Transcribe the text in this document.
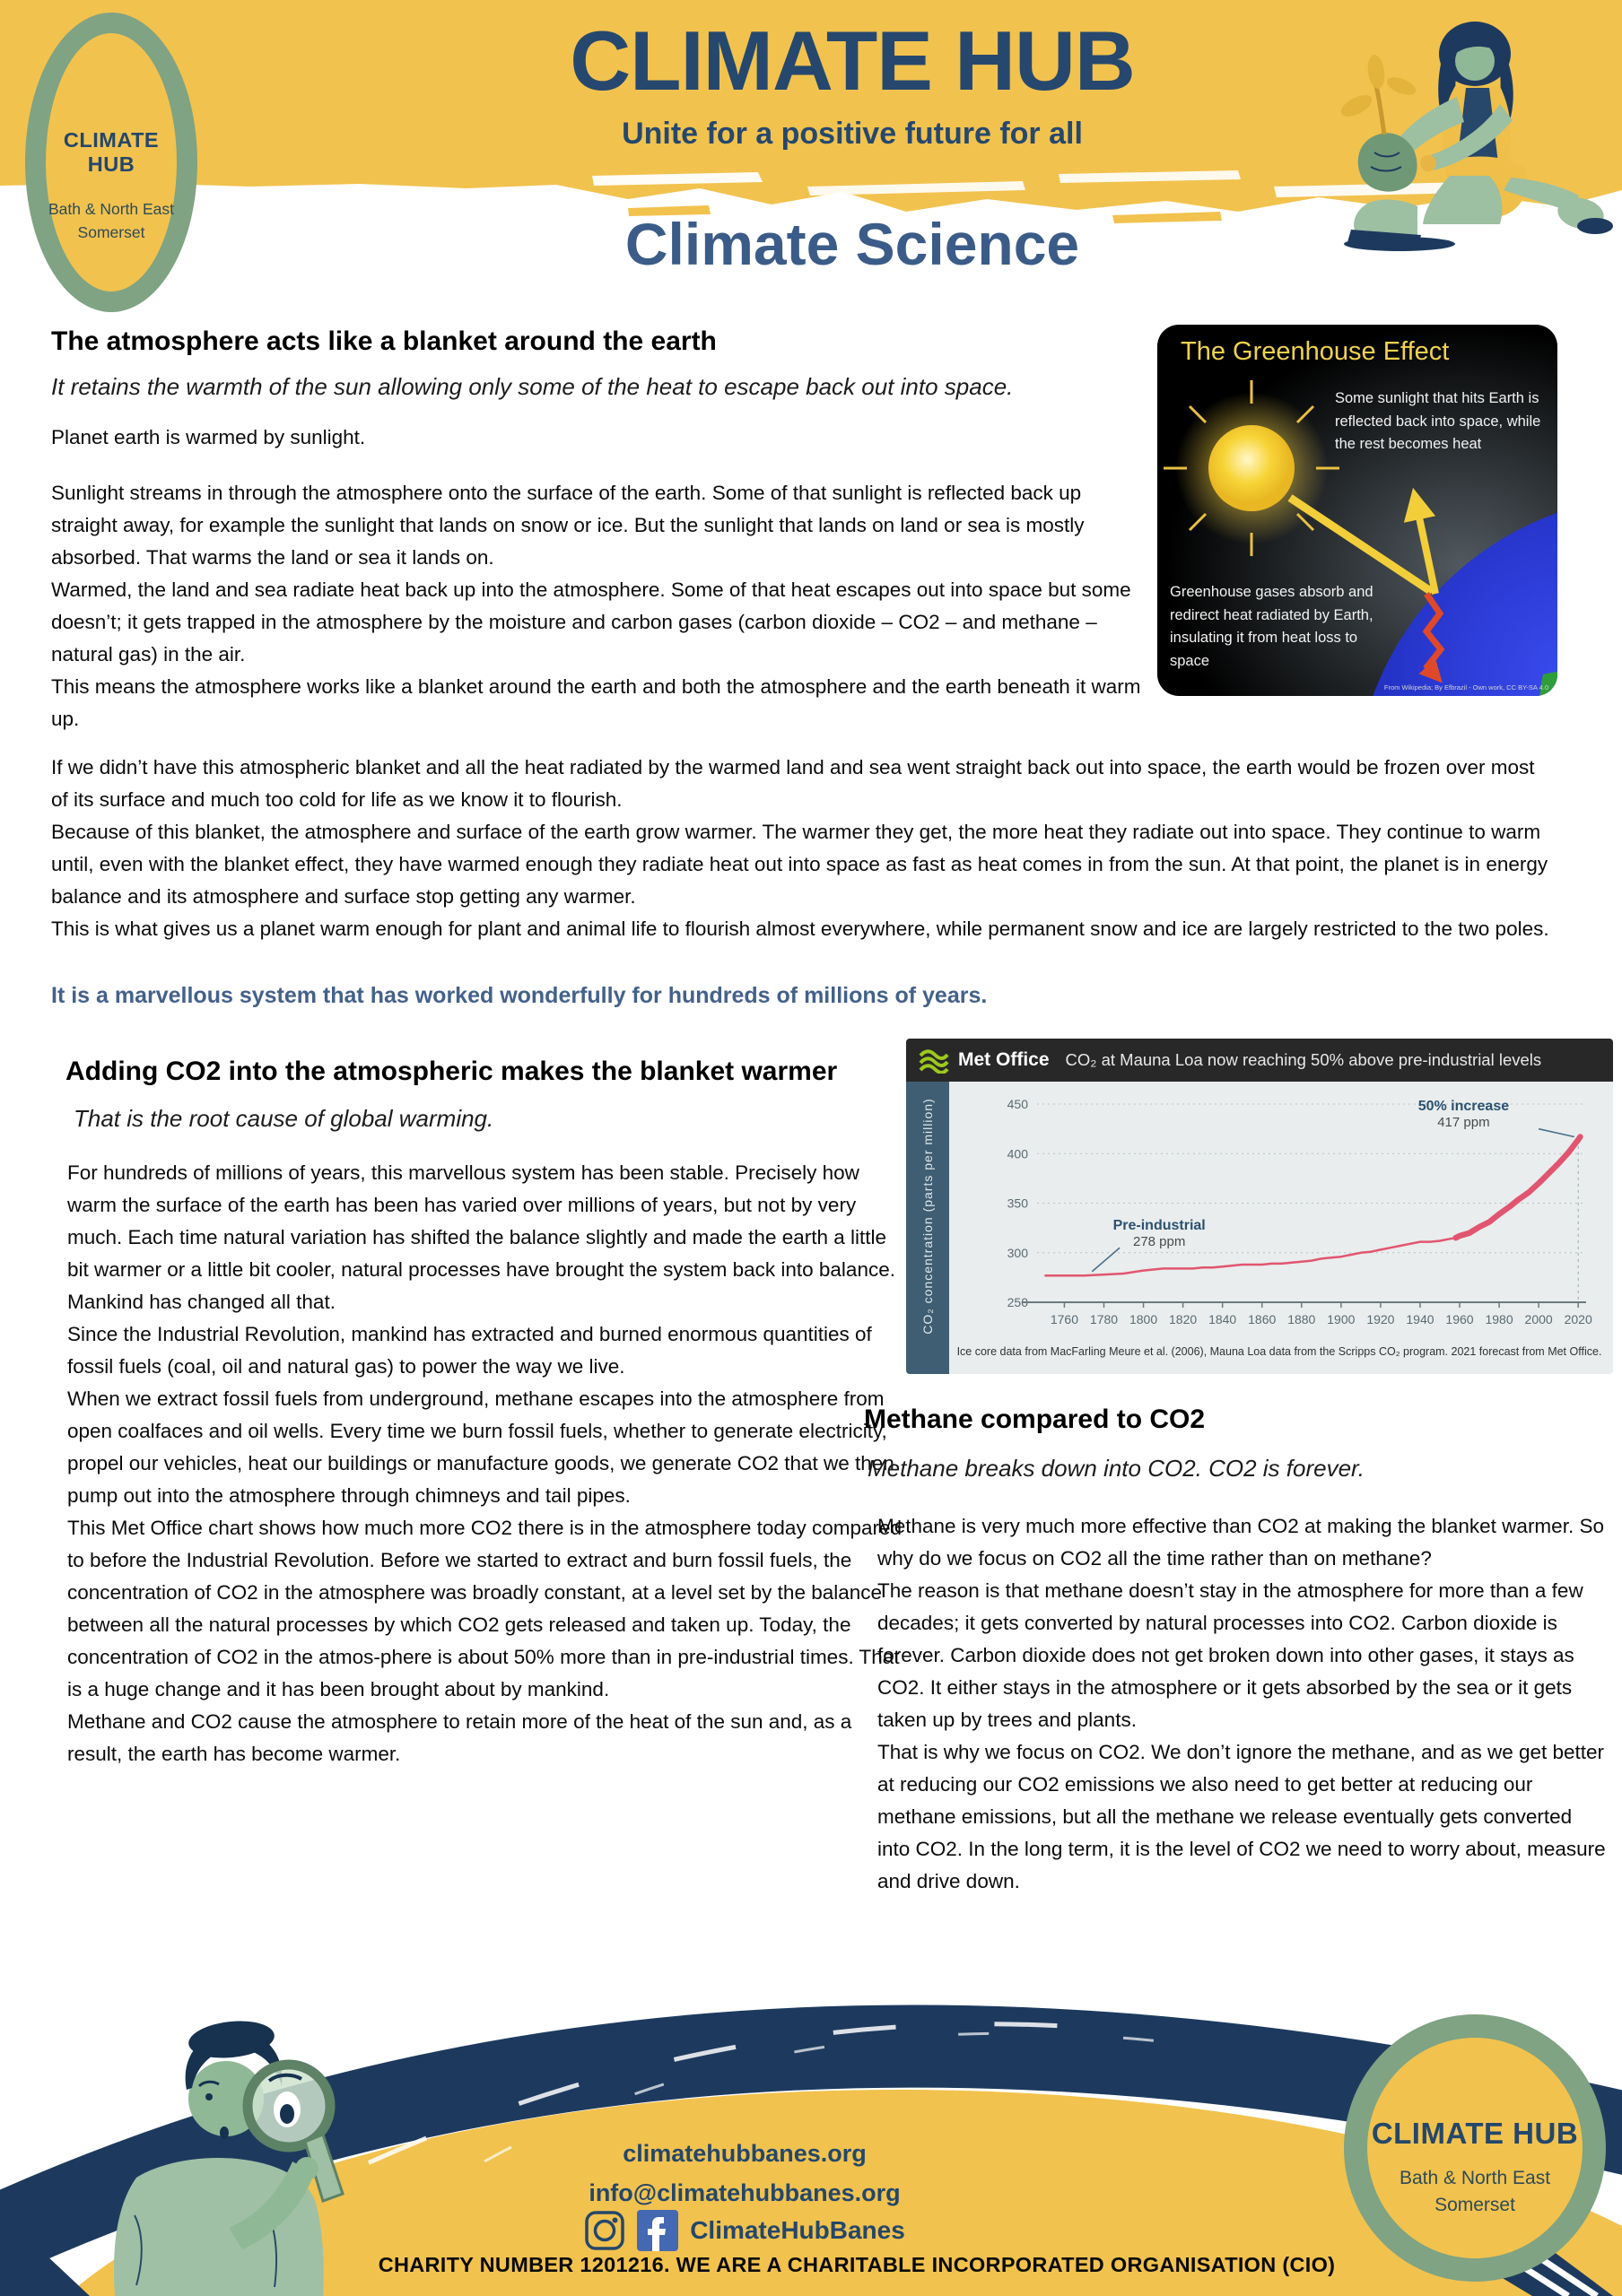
CLIMATE HUB
Bath & North East
Somerset
CLIMATE HUB
Unite for a positive future for all
Climate Science
The atmosphere acts like a blanket around the earth
It retains the warmth of the sun allowing only some of the heat to escape back out into space.
Planet earth is warmed by sunlight.

Sunlight streams in through the atmosphere onto the surface of the earth. Some of that sunlight is reflected back up straight away, for example the sunlight that lands on snow or ice. But the sunlight that lands on land or sea is mostly absorbed. That warms the land or sea it lands on.

Warmed, the land and sea radiate heat back up into the atmosphere. Some of that heat escapes out into space but some doesn’t; it gets trapped in the atmosphere by the moisture and carbon gases (carbon dioxide – CO2 – and methane – natural gas) in the air.

This means the atmosphere works like a blanket around the earth and both the atmosphere and the earth beneath it warm up.

The Greenhouse Effect
Some sunlight that hits Earth is reflected back into space, while the rest becomes heat
Greenhouse gases absorb and redirect heat radiated by Earth, insulating it from heat loss to space
From Wikipedia; By Efbrazil - Own work, CC BY-SA 4.0

If we didn’t have this atmospheric blanket and all the heat radiated by the warmed land and sea went straight back out into space, the earth would be frozen over most of its surface and much too cold for life as we know it to flourish.

Because of this blanket, the atmosphere and surface of the earth grow warmer. The warmer they get, the more heat they radiate out into space. They continue to warm until, even with the blanket effect, they have warmed enough they radiate heat out into space as fast as heat comes in from the sun. At that point, the planet is in energy balance and its atmosphere and surface stop getting any warmer.

This is what gives us a planet warm enough for plant and animal life to flourish almost everywhere, while permanent snow and ice are largely restricted to the two poles.

It is a marvellous system that has worked wonderfully for hundreds of millions of years.
Adding CO2 into the atmospheric makes the blanket warmer
That is the root cause of global warming.

For hundreds of millions of years, this marvellous system has been stable. Precisely how warm the surface of the earth has been has varied over millions of years, but not by very much. Each time natural variation has shifted the balance slightly and made the earth a little bit warmer or a little bit cooler, natural processes have brought the system back into balance. Mankind has changed all that.

Since the Industrial Revolution, mankind has extracted and burned enormous quantities of fossil fuels (coal, oil and natural gas) to power the way we live.

When we extract fossil fuels from underground, methane escapes into the atmosphere from open coalfaces and oil wells. Every time we burn fossil fuels, whether to generate electricity, propel our vehicles, heat our buildings or manufacture goods, we generate CO2 that we then pump out into the atmosphere through chimneys and tail pipes.

This Met Office chart shows how much more CO2 there is in the atmosphere today compared to before the Industrial Revolution. Before we started to extract and burn fossil fuels, the concentration of CO2 in the atmosphere was broadly constant, at a level set by the balance between all the natural processes by which CO2 gets released and taken up. Today, the concentration of CO2 in the atmos-phere is about 50% more than in pre-industrial times. That is a huge change and it has been brought about by mankind.

Methane and CO2 cause the atmosphere to retain more of the heat of the sun and, as a result, the earth has become warmer.

Met Office CO₂ at Mauna Loa now reaching 50% above pre-industrial levels
CO₂ concentration (parts per million)	250
300
350
400
450
1760 1780 1800 1820 1840 1860 1880 1900 1920 1940 1960 1980 2000 2020
Pre-industrial
278 ppm
50% increase
417 ppm
Ice core data from MacFarling Meure et al. (2006), Mauna Loa data from the Scripps CO₂ program. 2021 forecast from Met Office.
Methane compared to CO2
Methane breaks down into CO2. CO2 is forever.

Methane is very much more effective than CO2 at making the blanket warmer. So why do we focus on CO2 all the time rather than on methane?

The reason is that methane doesn’t stay in the atmosphere for more than a few decades; it gets converted by natural processes into CO2. Carbon dioxide is forever. Carbon dioxide does not get broken down into other gases, it stays as CO2. It either stays in the atmosphere or it gets absorbed by the sea or it gets taken up by trees and plants.

That is why we focus on CO2. We don’t ignore the methane, and as we get better at reducing our CO2 emissions we also need to get better at reducing our methane emissions, but all the methane we release eventually gets converted into CO2. In the long term, it is the level of CO2 we need to worry about, measure and drive down.

climatehubbanes.org
info@climatehubbanes.org
ClimateHubBanes
CHARITY NUMBER 1201216. WE ARE A CHARITABLE INCORPORATED ORGANISATION (CIO)
CLIMATE HUB
Bath & North East
Somerset
